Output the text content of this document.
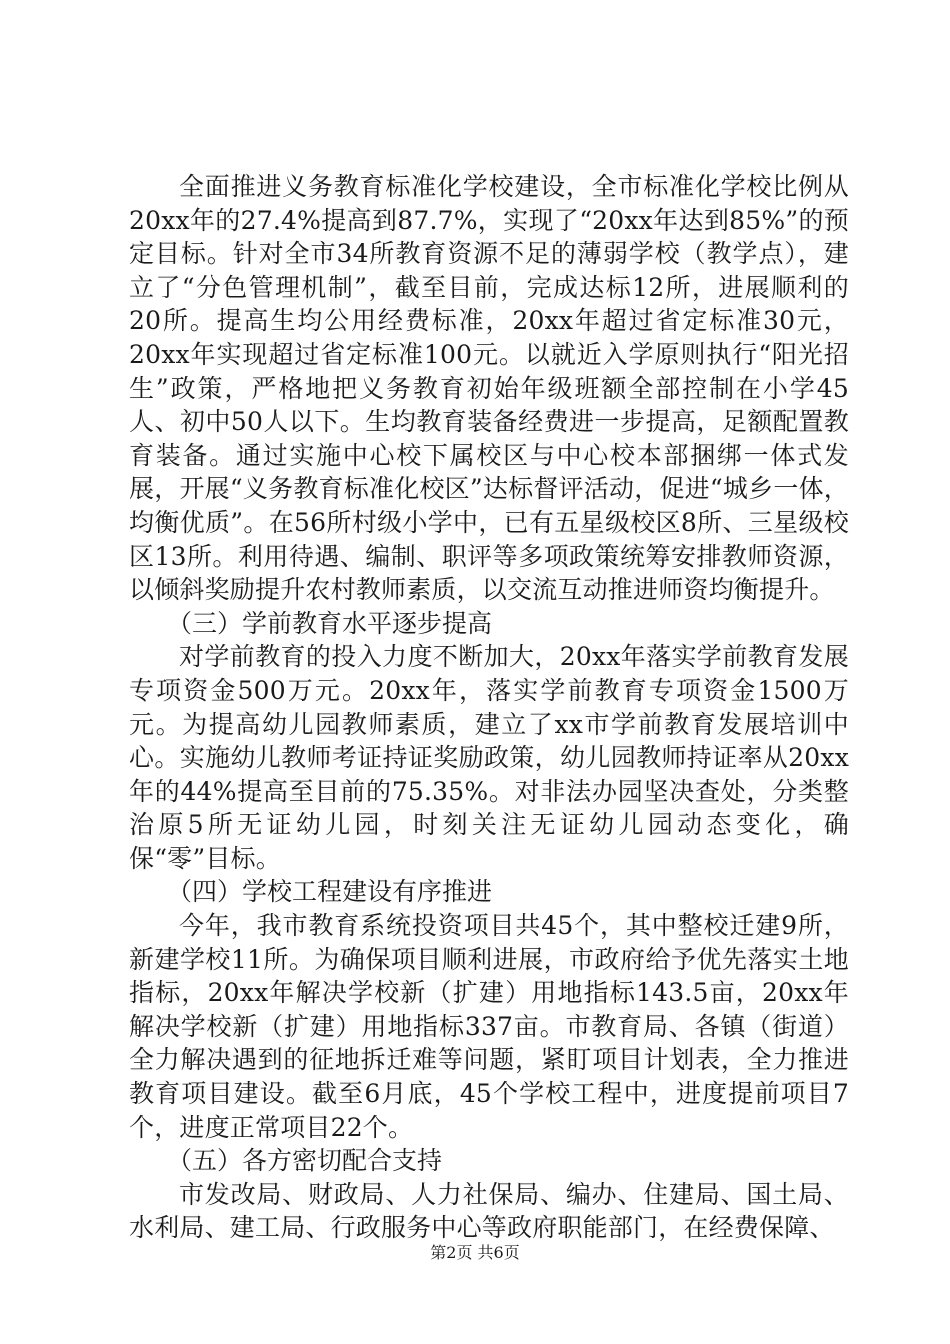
全面推进义务教育标准化学校建设，全市标准化学校比例从20xx年的27.4%提高到87.7%，实现了“20xx年达到85%”的预定目标。针对全市34所教育资源不足的薄弱学校（教学点），建立了“分色管理机制”，截至目前，完成达标12所，进展顺利的20所。提高生均公用经费标准，20xx年超过省定标准30元，20xx年实现超过省定标准100元。以就近入学原则执行“阳光招生”政策，严格地把义务教育初始年级班额全部控制在小学45人、初中50人以下。生均教育装备经费进一步提高，足额配置教育装备。通过实施中心校下属校区与中心校本部捆绑一体式发展，开展“义务教育标准化校区”达标督评活动，促进“城乡一体，均衡优质”。在56所村级小学中，已有五星级校区8所、三星级校区13所。利用待遇、编制、职评等多项政策统筹安排教师资源，以倾斜奖励提升农村教师素质，以交流互动推进师资均衡提升。

（三）学前教育水平逐步提高

对学前教育的投入力度不断加大，20xx年落实学前教育发展专项资金500万元。20xx年，落实学前教育专项资金1500万元。为提高幼儿园教师素质，建立了xx市学前教育发展培训中心。实施幼儿教师考证持证奖励政策，幼儿园教师持证率从20xx年的44%提高至目前的75.35%。对非法办园坚决查处，分类整治原5所无证幼儿园，时刻关注无证幼儿园动态变化，确保“零”目标。

（四）学校工程建设有序推进

今年，我市教育系统投资项目共45个，其中整校迁建9所，新建学校11所。为确保项目顺利进展，市政府给予优先落实土地指标，20xx年解决学校新（扩建）用地指标143.5亩，20xx年解决学校新（扩建）用地指标337亩。市教育局、各镇（街道）全力解决遇到的征地拆迁难等问题，紧盯项目计划表，全力推进教育项目建设。截至6月底，45个学校工程中，进度提前项目7个，进度正常项目22个。

（五）各方密切配合支持

市发改局、财政局、人力社保局、编办、住建局、国土局、水利局、建工局、行政服务中心等政府职能部门，在经费保障、

第2页 共6页
